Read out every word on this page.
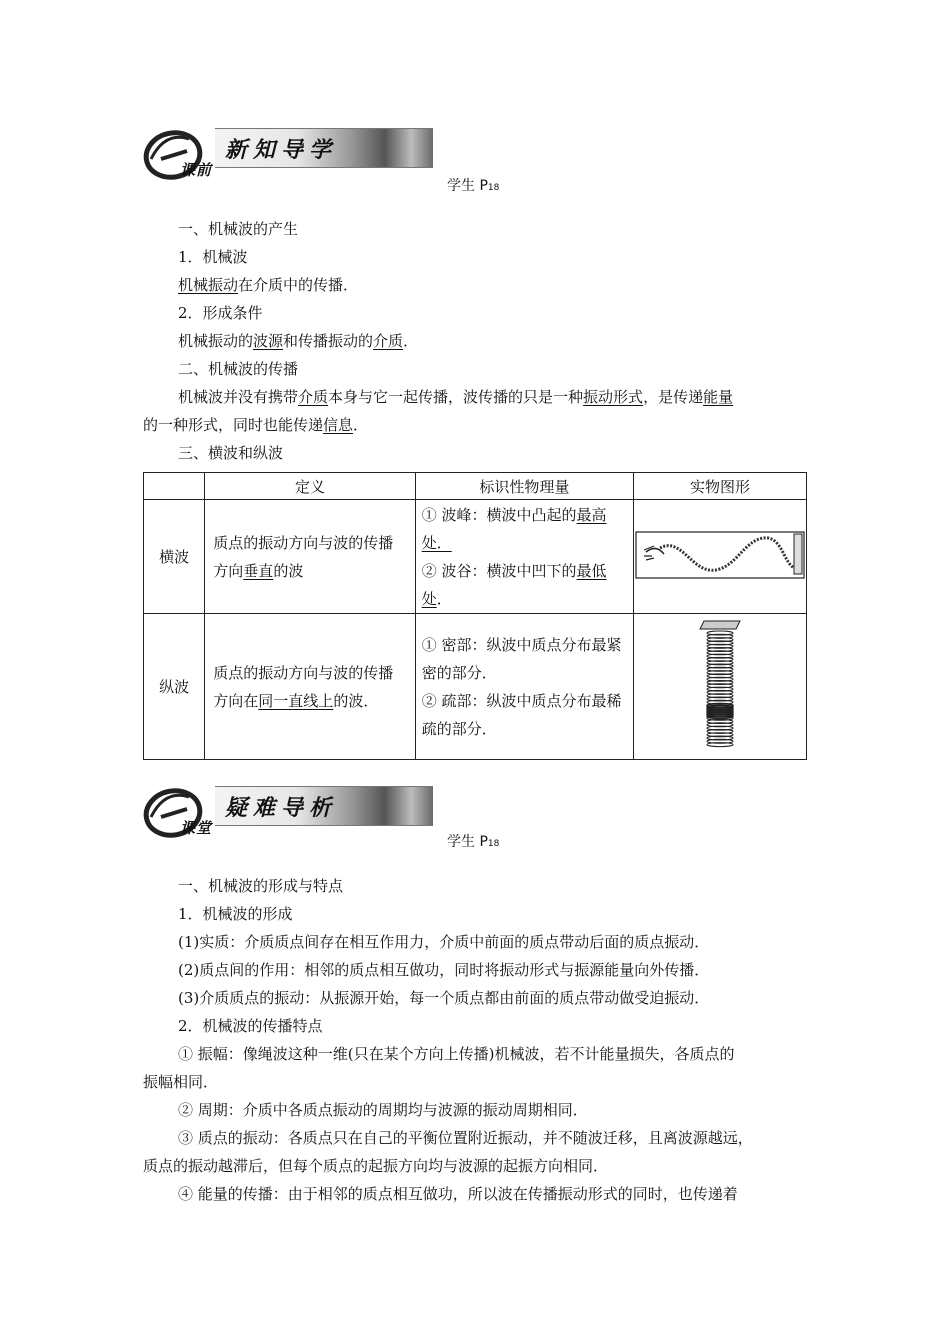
课前
新知导学
学生 P18
一、机械波的产生
1．机械波
机械振动在介质中的传播．
2．形成条件
机械振动的波源和传播振动的介质．
二、机械波的传播
机械波并没有携带介质本身与它一起传播，波传播的只是一种振动形式，是传递能量
的一种形式，同时也能传递信息．
三、横波和纵波
	定义	标识性物理量	实物图形
横波	质点的振动方向与波的传播方向垂直的波	① 波峰：横波中凸起的最高处．
② 波谷：横波中凹下的最低处．

纵波	质点的振动方向与波的传播方向在同一直线上的波．	① 密部：纵波中质点分布最紧密的部分．
② 疏部：纵波中质点分布最稀疏的部分．

课堂
疑难导析
学生 P18
一、机械波的形成与特点
1．机械波的形成
(1)实质：介质质点间存在相互作用力，介质中前面的质点带动后面的质点振动．
(2)质点间的作用：相邻的质点相互做功，同时将振动形式与振源能量向外传播．
(3)介质质点的振动：从振源开始，每一个质点都由前面的质点带动做受迫振动．
2．机械波的传播特点
① 振幅：像绳波这种一维(只在某个方向上传播)机械波，若不计能量损失，各质点的
振幅相同．
② 周期：介质中各质点振动的周期均与波源的振动周期相同．
③ 质点的振动：各质点只在自己的平衡位置附近振动，并不随波迁移，且离波源越远，
质点的振动越滞后，但每个质点的起振方向均与波源的起振方向相同．
④ 能量的传播：由于相邻的质点相互做功，所以波在传播振动形式的同时，也传递着
